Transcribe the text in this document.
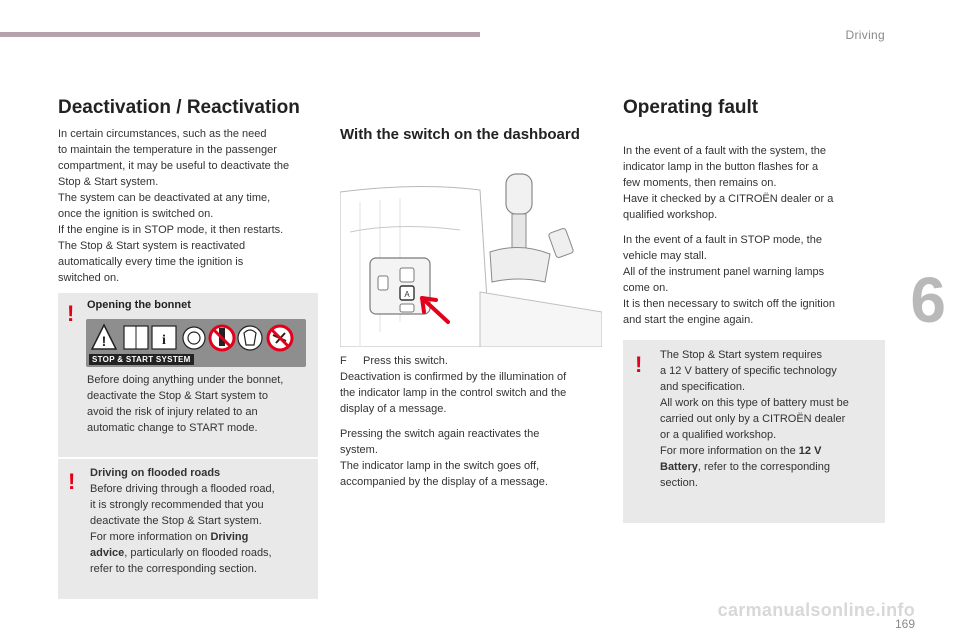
Driving
6
carmanualsonline.info
169
Deactivation / Reactivation

In certain circumstances, such as the need

to maintain the temperature in the passenger

compartment, it may be useful to deactivate the

Stop & Start system.

The system can be deactivated at any time,

once the ignition is switched on.

If the engine is in STOP mode, it then restarts.

The Stop & Start system is reactivated

automatically every time the ignition is

switched on.

! Opening the bonnet
!	i
STOP & START SYSTEM

Before doing anything under the bonnet,

deactivate the Stop & Start system to

avoid the risk of injury related to an

automatic change to START mode.

! Driving on flooded roads

Before driving through a flooded road,

it is strongly recommended that you

deactivate the Stop & Start system.

For more information on Driving

advice, particularly on flooded roads,

refer to the corresponding section.

With the switch on the dashboard
A

F Press this switch.

Deactivation is confirmed by the illumination of

the indicator lamp in the control switch and the

display of a message.

Pressing the switch again reactivates the

system.

The indicator lamp in the switch goes off,

accompanied by the display of a message.

Operating fault

In the event of a fault with the system, the

indicator lamp in the button flashes for a

few moments, then remains on.

Have it checked by a CITROËN dealer or a

qualified workshop.

In the event of a fault in STOP mode, the

vehicle may stall.

All of the instrument panel warning lamps

come on.

It is then necessary to switch off the ignition

and start the engine again.

! The Stop & Start system requires

a 12 V battery of specific technology

and specification.

All work on this type of battery must be

carried out only by a CITROËN dealer

or a qualified workshop.

For more information on the 12 V

Battery, refer to the corresponding

section.
